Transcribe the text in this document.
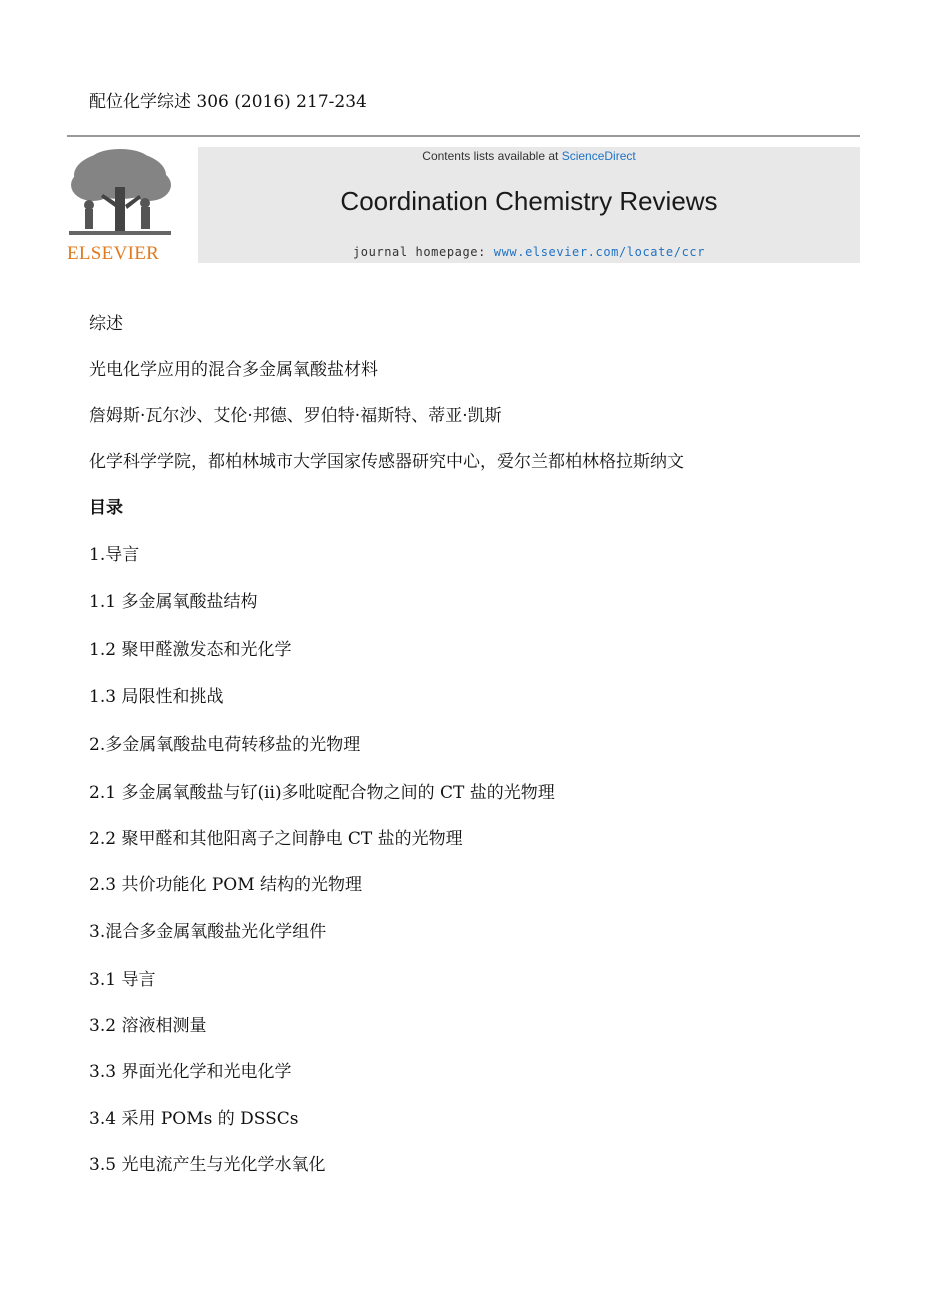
配位化学综述 306 (2016) 217-234
ELSEVIER
Contents lists available at ScienceDirect
Coordination Chemistry Reviews
journal homepage: www.elsevier.com/locate/ccr
综述
光电化学应用的混合多金属氧酸盐材料
詹姆斯·瓦尔沙、艾伦·邦德、罗伯特·福斯特、蒂亚·凯斯
化学科学学院，都柏林城市大学国家传感器研究中心，爱尔兰都柏林格拉斯纳文
目录
1.导言
1.1 多金属氧酸盐结构
1.2 聚甲醛激发态和光化学
1.3 局限性和挑战
2.多金属氧酸盐电荷转移盐的光物理
2.1 多金属氧酸盐与钌(ii)多吡啶配合物之间的 CT 盐的光物理
2.2 聚甲醛和其他阳离子之间静电 CT 盐的光物理
2.3 共价功能化 POM 结构的光物理
3.混合多金属氧酸盐光化学组件
3.1 导言
3.2 溶液相测量
3.3 界面光化学和光电化学
3.4 采用 POMs 的 DSSCs
3.5 光电流产生与光化学水氧化
